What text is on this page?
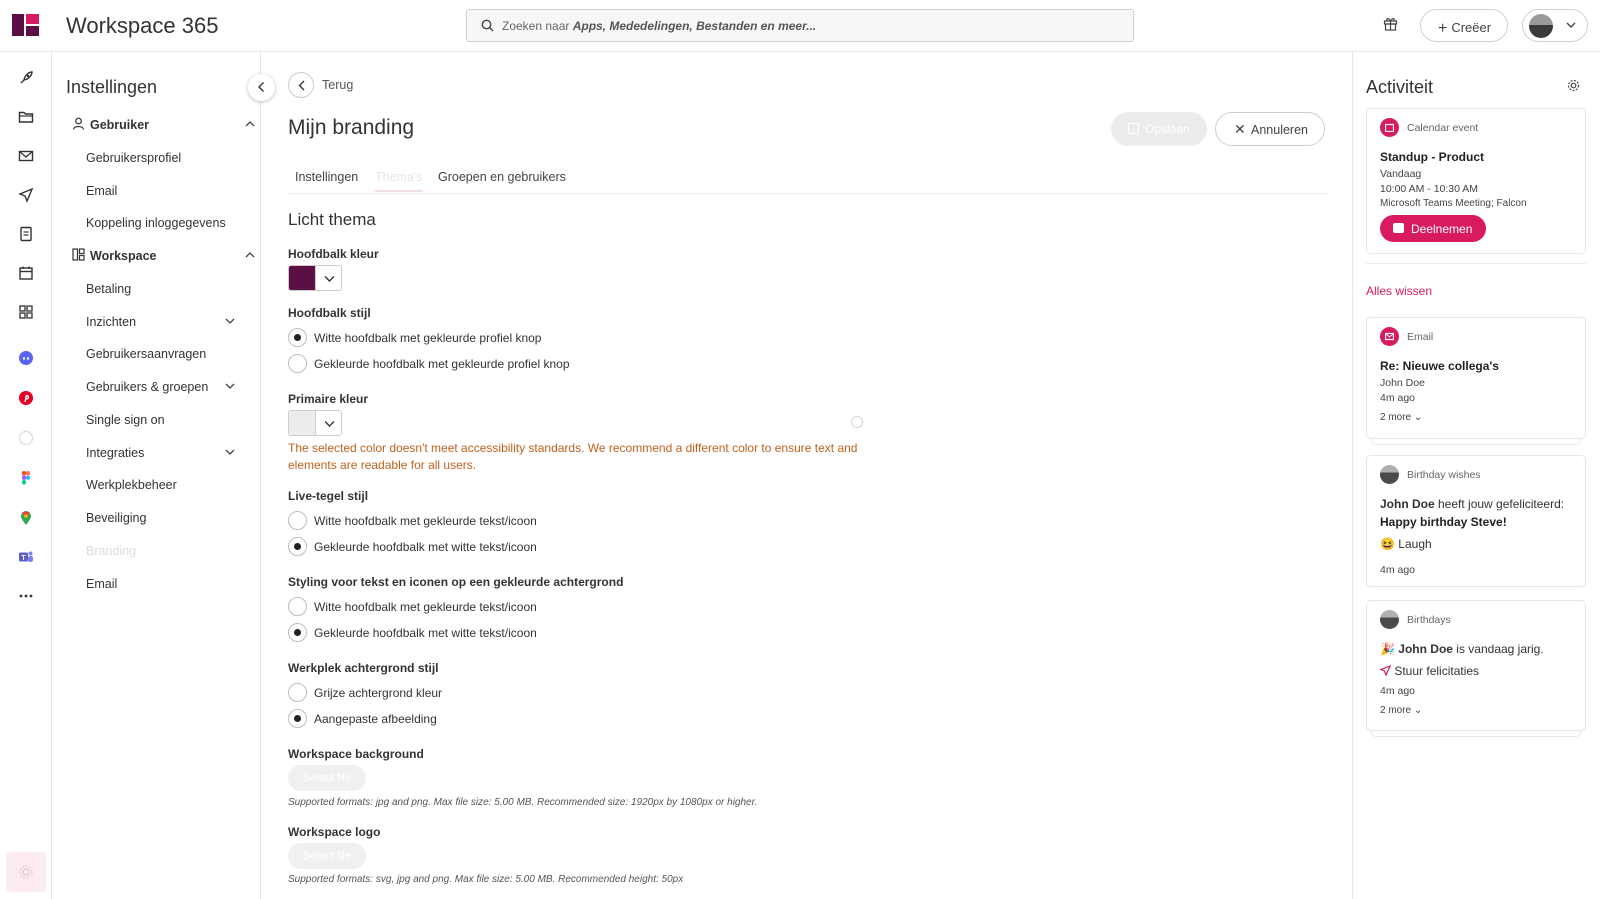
Workspace 365	Zoeken naar Apps, Mededelingen, Bestanden en meer...	+ Creëer
T
Instellingen
Gebruiker
Gebruikersprofiel
Email
Koppeling inloggegevens
Workspace
Betaling
Inzichten
Gebruikersaanvragen
Gebruikers & groepen
Single sign on
Integraties
Werkplekbeheer
Beveiliging
Branding
Email
Terug
Mijn branding	Opslaan	✕ Annuleren
Instellingen Thema's Groepen en gebruikers
Licht thema
Hoofdbalk kleur
Hoofdbalk stijl
Witte hoofdbalk met gekleurde profiel knop
Gekleurde hoofdbalk met gekleurde profiel knop
Primaire kleur
The selected color doesn't meet accessibility standards. We recommend a different color to ensure text and elements are readable for all users.
Live-tegel stijl
Witte hoofdbalk met gekleurde tekst/icoon
Gekleurde hoofdbalk met witte tekst/icoon
Styling voor tekst en iconen op een gekleurde achtergrond
Witte hoofdbalk met gekleurde tekst/icoon
Gekleurde hoofdbalk met witte tekst/icoon
Werkplek achtergrond stijl
Grijze achtergrond kleur
Aangepaste afbeelding
Workspace background
Select file
Supported formats: jpg and png. Max file size: 5.00 MB. Recommended size: 1920px by 1080px or higher.
Workspace logo
Select file
Supported formats: svg, jpg and png. Max file size: 5.00 MB. Recommended height: 50px
Activiteit
Calendar event
Standup - Product
Vandaag
10:00 AM - 10:30 AM
Microsoft Teams Meeting; Falcon
Deelnemen
Alles wissen
Email
Re: Nieuwe collega's
John Doe
4m ago
2 more ⌄
Birthday wishes
John Doe heeft jouw gefeliciteerd:
Happy birthday Steve!
😆 Laugh
4m ago
Birthdays
🎉 John Doe is vandaag jarig.
Stuur felicitaties
4m ago
2 more ⌄
